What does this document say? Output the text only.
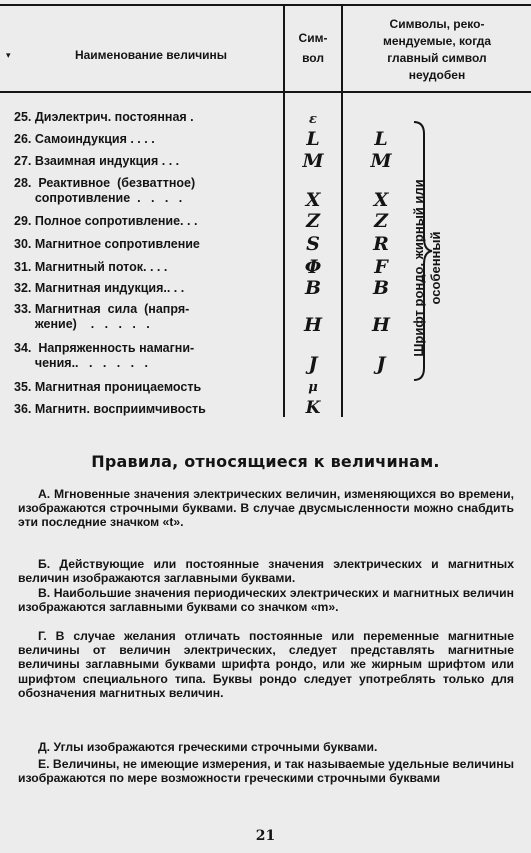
▾	Наименование величины
Сим-
вол
Символы, реко-
мендуемые, когда
главный символ
неудобен
25. Диэлектрич. постоянная .	ε
26. Самоиндукция . . . .	L	L
27. Взаимная индукция . . .	M	M
28.  Реактивное  (безваттное)
сопротивление  .   .   .   .	X	X
29. Полное сопротивление. . .	Z	Z
30. Магнитное сопротивление	S	R
31. Магнитный поток. . . .	Φ	F
32. Магнитная индукция.. . .	B	B
33. Магнитная  сила  (напря-
жение)    .   .   .   .   .	H	H
34.  Напряженность намагни-
чения..   .   .   .   .   .	J	J
35. Магнитная проницаемость	μ
36. Магнитн. восприимчивость	K
Шрифт рондо, жирный или особенный
Правила, относящиеся к величинам.
А. Мгновенные значения электрических величин, изменяющихся во времени, изображаются строчными буквами. В случае двусмысленности можно снабдить эти последние значком «t».
Б. Действующие или постоянные значения электрических и магнитных величин изображаются заглавными буквами.
В. Наибольшие значения периодических электрических и магнитных величин изображаются заглавными буквами со значком «m».
Г. В случае желания отличать постоянные или переменные магнитные величины от величин электрических, следует представлять магнитные величины заглавными буквами шрифта рондо, или же жирным шрифтом или шрифтом специального типа. Буквы рондо следует употреблять только для обозначения магнитных величин.
Д. Углы изображаются греческими строчными буквами.
Е. Величины, не имеющие измерения, и так называемые удельные величины изображаются по мере возможности греческими строчными буквами
21
